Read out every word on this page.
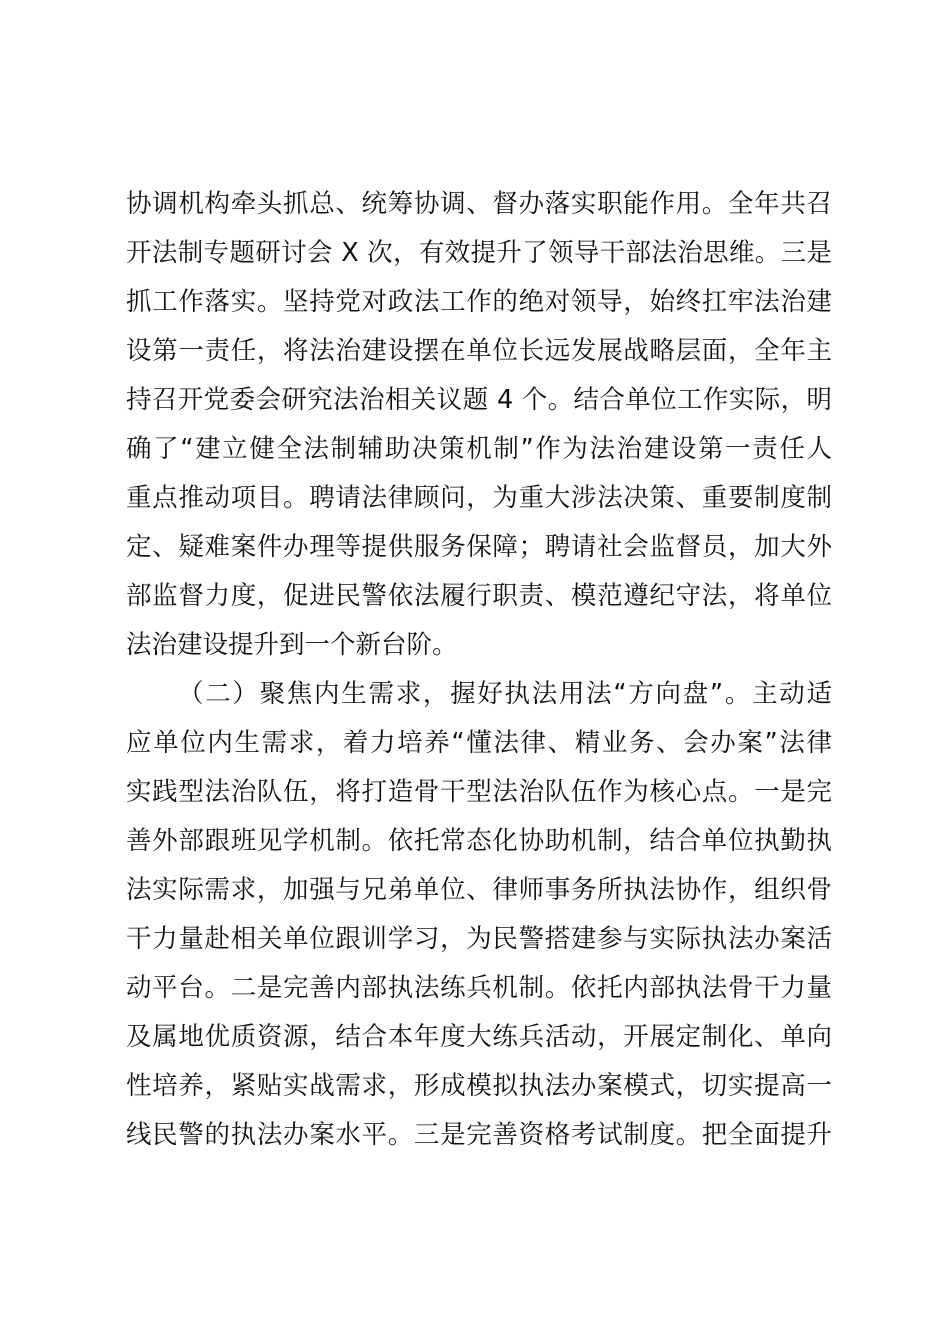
协调机构牵头抓总、统筹协调、督办落实职能作用。全年共召
开法制专题研讨会 X 次，有效提升了领导干部法治思维。三是
抓工作落实。坚持党对政法工作的绝对领导，始终扛牢法治建
设第一责任，将法治建设摆在单位长远发展战略层面，全年主
持召开党委会研究法治相关议题 4 个。结合单位工作实际，明
确了“建立健全法制辅助决策机制”作为法治建设第一责任人
重点推动项目。聘请法律顾问，为重大涉法决策、重要制度制
定、疑难案件办理等提供服务保障；聘请社会监督员，加大外
部监督力度，促进民警依法履行职责、模范遵纪守法，将单位
法治建设提升到一个新台阶。
（二）聚焦内生需求，握好执法用法“方向盘”。主动适
应单位内生需求，着力培养“懂法律、精业务、会办案”法律
实践型法治队伍，将打造骨干型法治队伍作为核心点。一是完
善外部跟班见学机制。依托常态化协助机制，结合单位执勤执
法实际需求，加强与兄弟单位、律师事务所执法协作，组织骨
干力量赴相关单位跟训学习，为民警搭建参与实际执法办案活
动平台。二是完善内部执法练兵机制。依托内部执法骨干力量
及属地优质资源，结合本年度大练兵活动，开展定制化、单向
性培养，紧贴实战需求，形成模拟执法办案模式，切实提高一
线民警的执法办案水平。三是完善资格考试制度。把全面提升
